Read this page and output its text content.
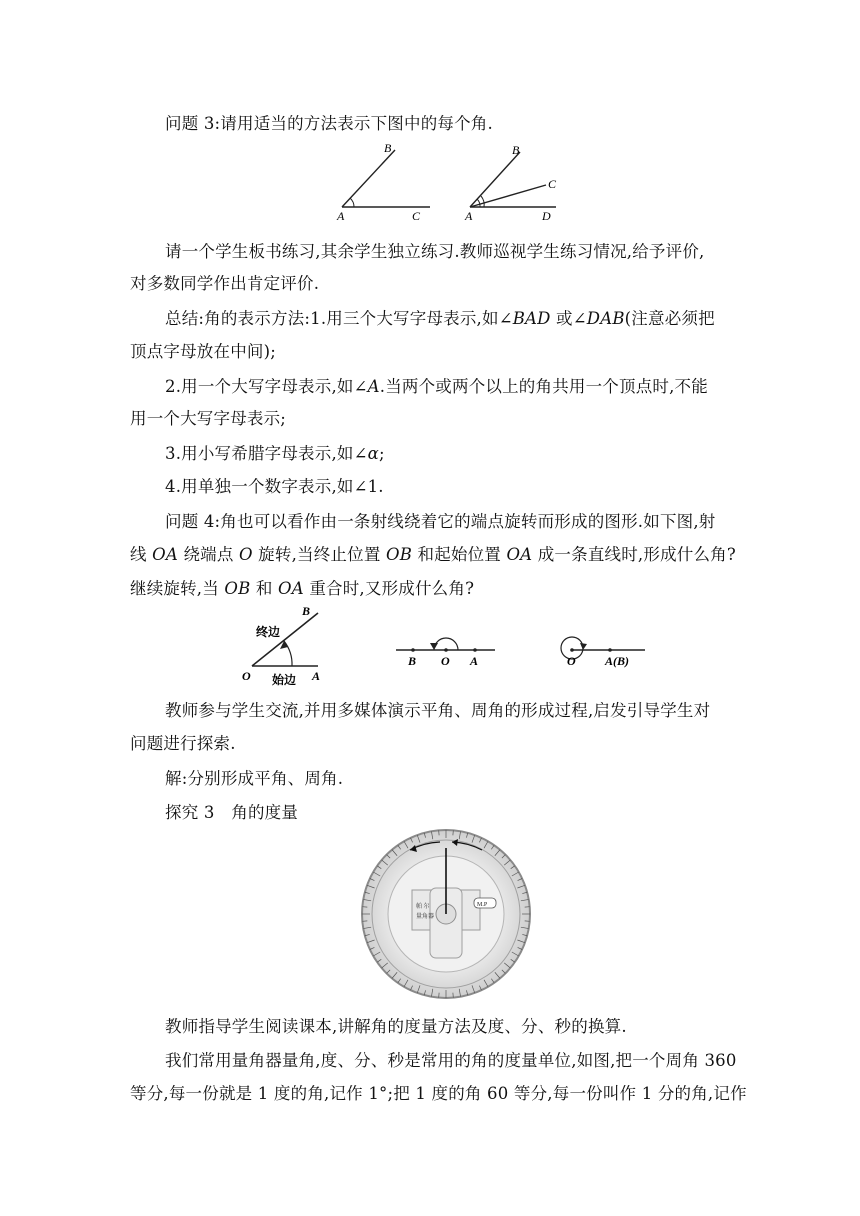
问题 3:请用适当的方法表示下图中的每个角.
B
A	C
B
C
A	D
请一个学生板书练习,其余学生独立练习.教师巡视学生练习情况,给予评价,
对多数同学作出肯定评价.
总结:角的表示方法:1.用三个大写字母表示,如∠BAD 或∠DAB(注意必须把
顶点字母放在中间);
2.用一个大写字母表示,如∠A.当两个或两个以上的角共用一个顶点时,不能
用一个大写字母表示;
3.用小写希腊字母表示,如∠α;
4.用单独一个数字表示,如∠1.
问题 4:角也可以看作由一条射线绕着它的端点旋转而形成的图形.如下图,射
线 OA 绕端点 O 旋转,当终止位置 OB 和起始位置 OA 成一条直线时,形成什么角?
继续旋转,当 OB 和 OA 重合时,又形成什么角?
B
终边
O 始边 A
B O A	O A(B)
教师参与学生交流,并用多媒体演示平角、周角的形成过程,启发引导学生对
问题进行探索.
解:分别形成平角、周角.
探究 3　角的度量
帕 尔
量角器
M.P
教师指导学生阅读课本,讲解角的度量方法及度、分、秒的换算.
我们常用量角器量角,度、分、秒是常用的角的度量单位,如图,把一个周角 360
等分,每一份就是 1 度的角,记作 1°;把 1 度的角 60 等分,每一份叫作 1 分的角,记作
